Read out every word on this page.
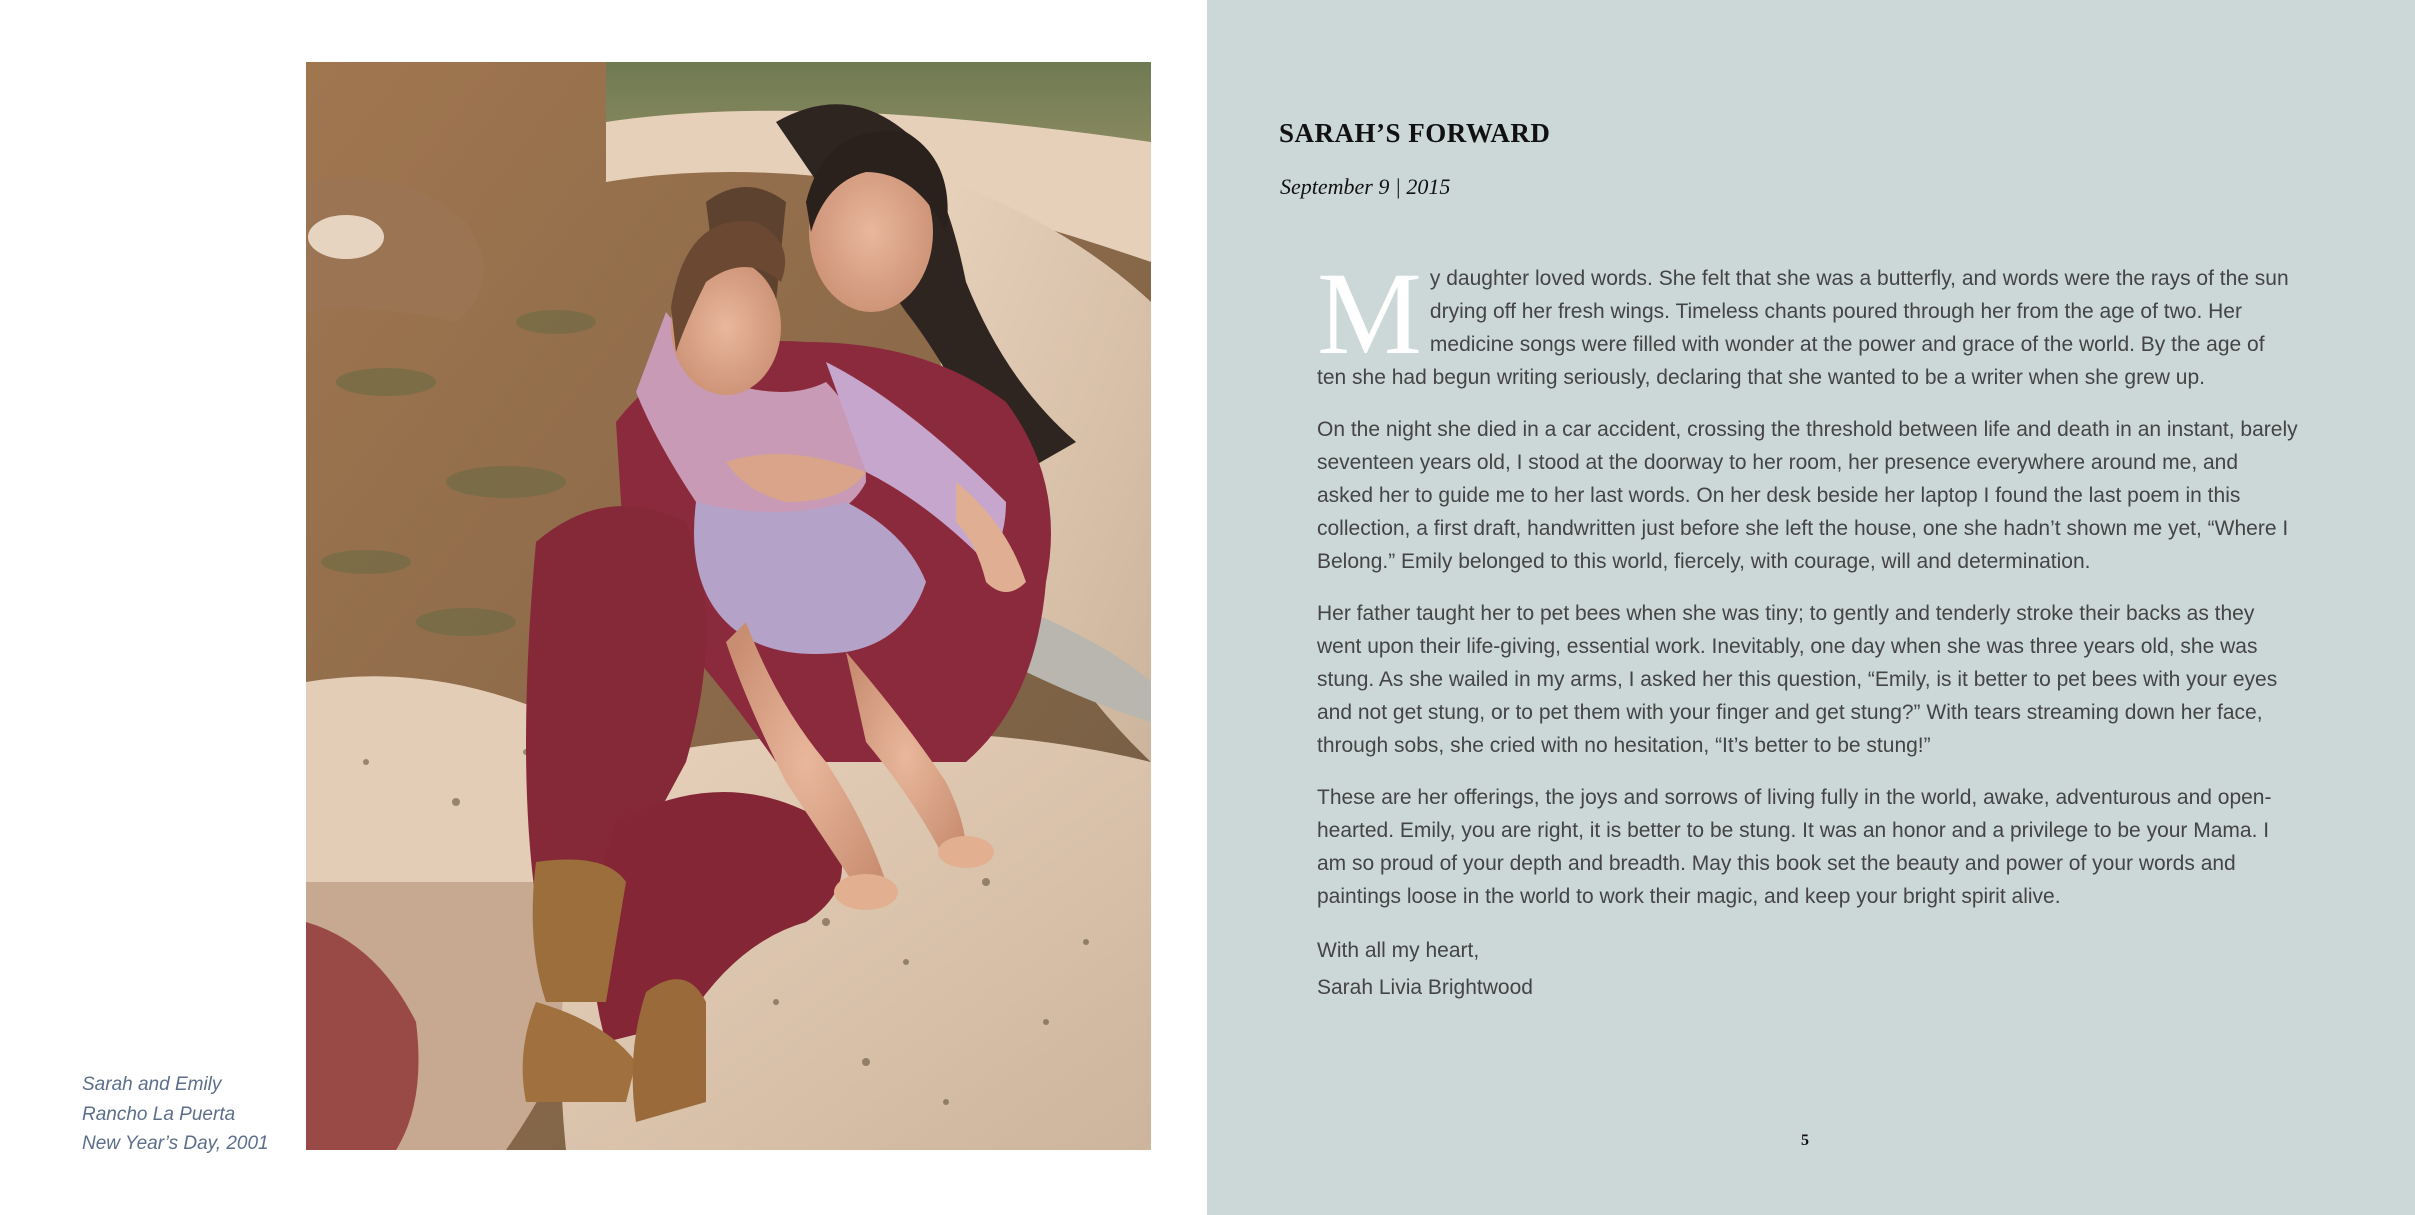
Sarah and Emily
Rancho La Puerta
New Year’s Day, 2001
SARAH’S FORWARD
September 9 | 2015

My daughter loved words. She felt that she was a butterfly, and words were the rays of the sun drying off her fresh wings. Timeless chants poured through her from the age of two. Her medicine songs were filled with wonder at the power and grace of the world. By the age of ten she had begun writing seriously, declaring that she wanted to be a writer when she grew up.

On the night she died in a car accident, crossing the threshold between life and death in an instant, barely seventeen years old, I stood at the doorway to her room, her presence everywhere around me, and asked her to guide me to her last words. On her desk beside her laptop I found the last poem in this collection, a first draft, handwritten just before she left the house, one she hadn’t shown me yet, “Where I Belong.” Emily belonged to this world, fiercely, with courage, will and determination.

Her father taught her to pet bees when she was tiny; to gently and tenderly stroke their backs as they went upon their life-giving, essential work. Inevitably, one day when she was three years old, she was stung. As she wailed in my arms, I asked her this question, “Emily, is it better to pet bees with your eyes and not get stung, or to pet them with your finger and get stung?” With tears streaming down her face, through sobs, she cried with no hesitation, “It’s better to be stung!”

These are her offerings, the joys and sorrows of living fully in the world, awake, adventurous and open-hearted. Emily, you are right, it is better to be stung. It was an honor and a privilege to be your Mama. I am so proud of your depth and breadth. May this book set the beauty and power of your words and paintings loose in the world to work their magic, and keep your bright spirit alive.

With all my heart,
Sarah Livia Brightwood
5
